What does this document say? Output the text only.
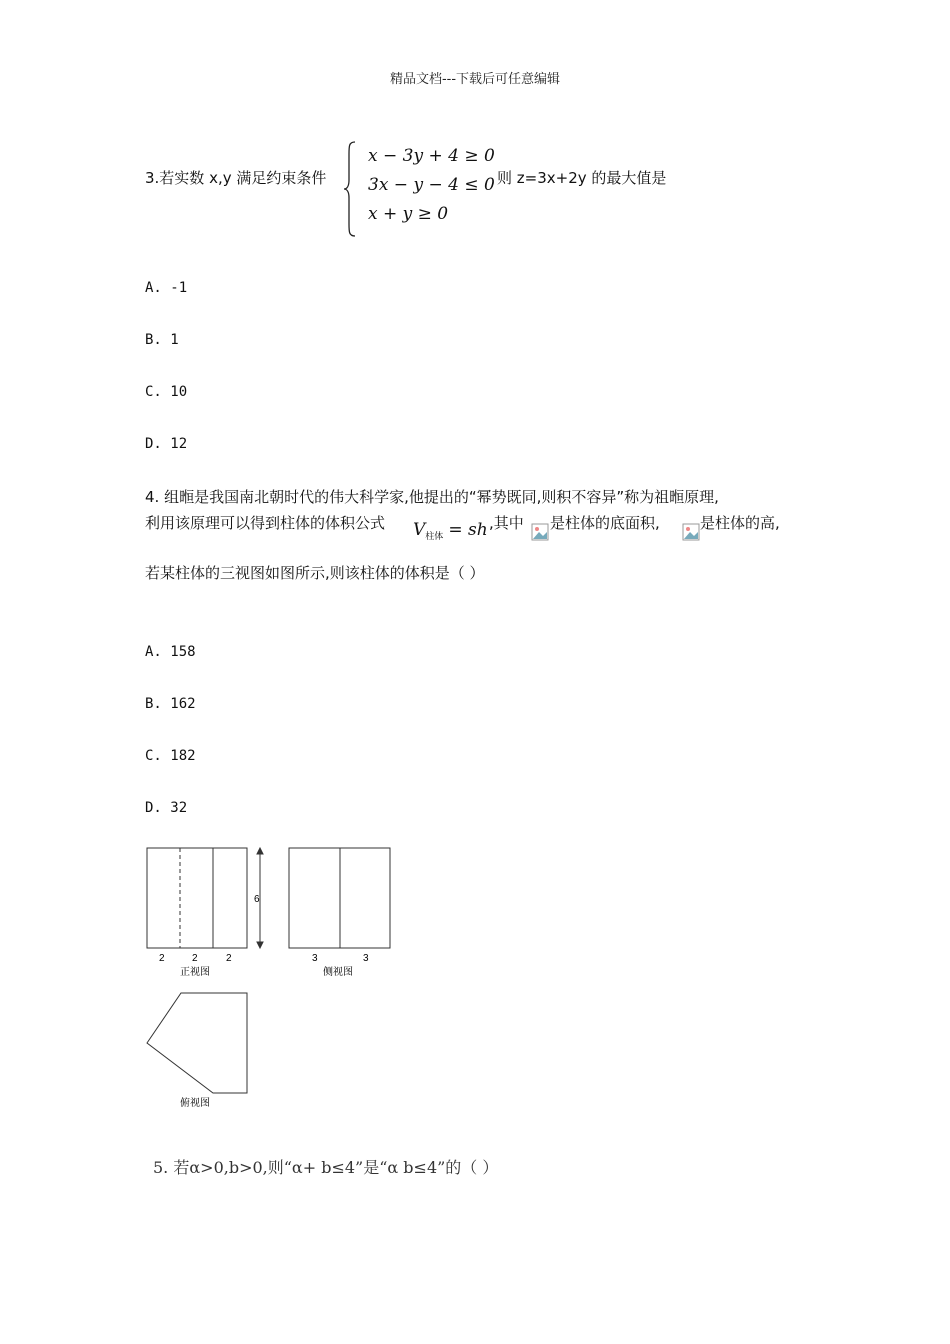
精品文档---下载后可任意编辑
3.若实数 x,y 满足约束条件
x − 3y + 4 ≥ 0
3x − y − 4 ≤ 0
x + y ≥ 0
则 z=3x+2y 的最大值是
A. -1
B. 1
C. 10
D. 12
4. 组暅是我国南北朝时代的伟大科学家,他提出的“幂势既同,则积不容异”称为祖暅原理,
利用该原理可以得到柱体的体积公式 $V_{柱体}$ = sh ,其中 是柱体的底面积,	是柱体的高,
若某柱体的三视图如图所示,则该柱体的体积是（ ）
A. 158
B. 162
C. 182
D. 32
6
2	2	2
正视图
3	3
侧视图
俯视图
5. 若α>0,b>0,则“α+ b≤4”是“α b≤4”的（ ）
